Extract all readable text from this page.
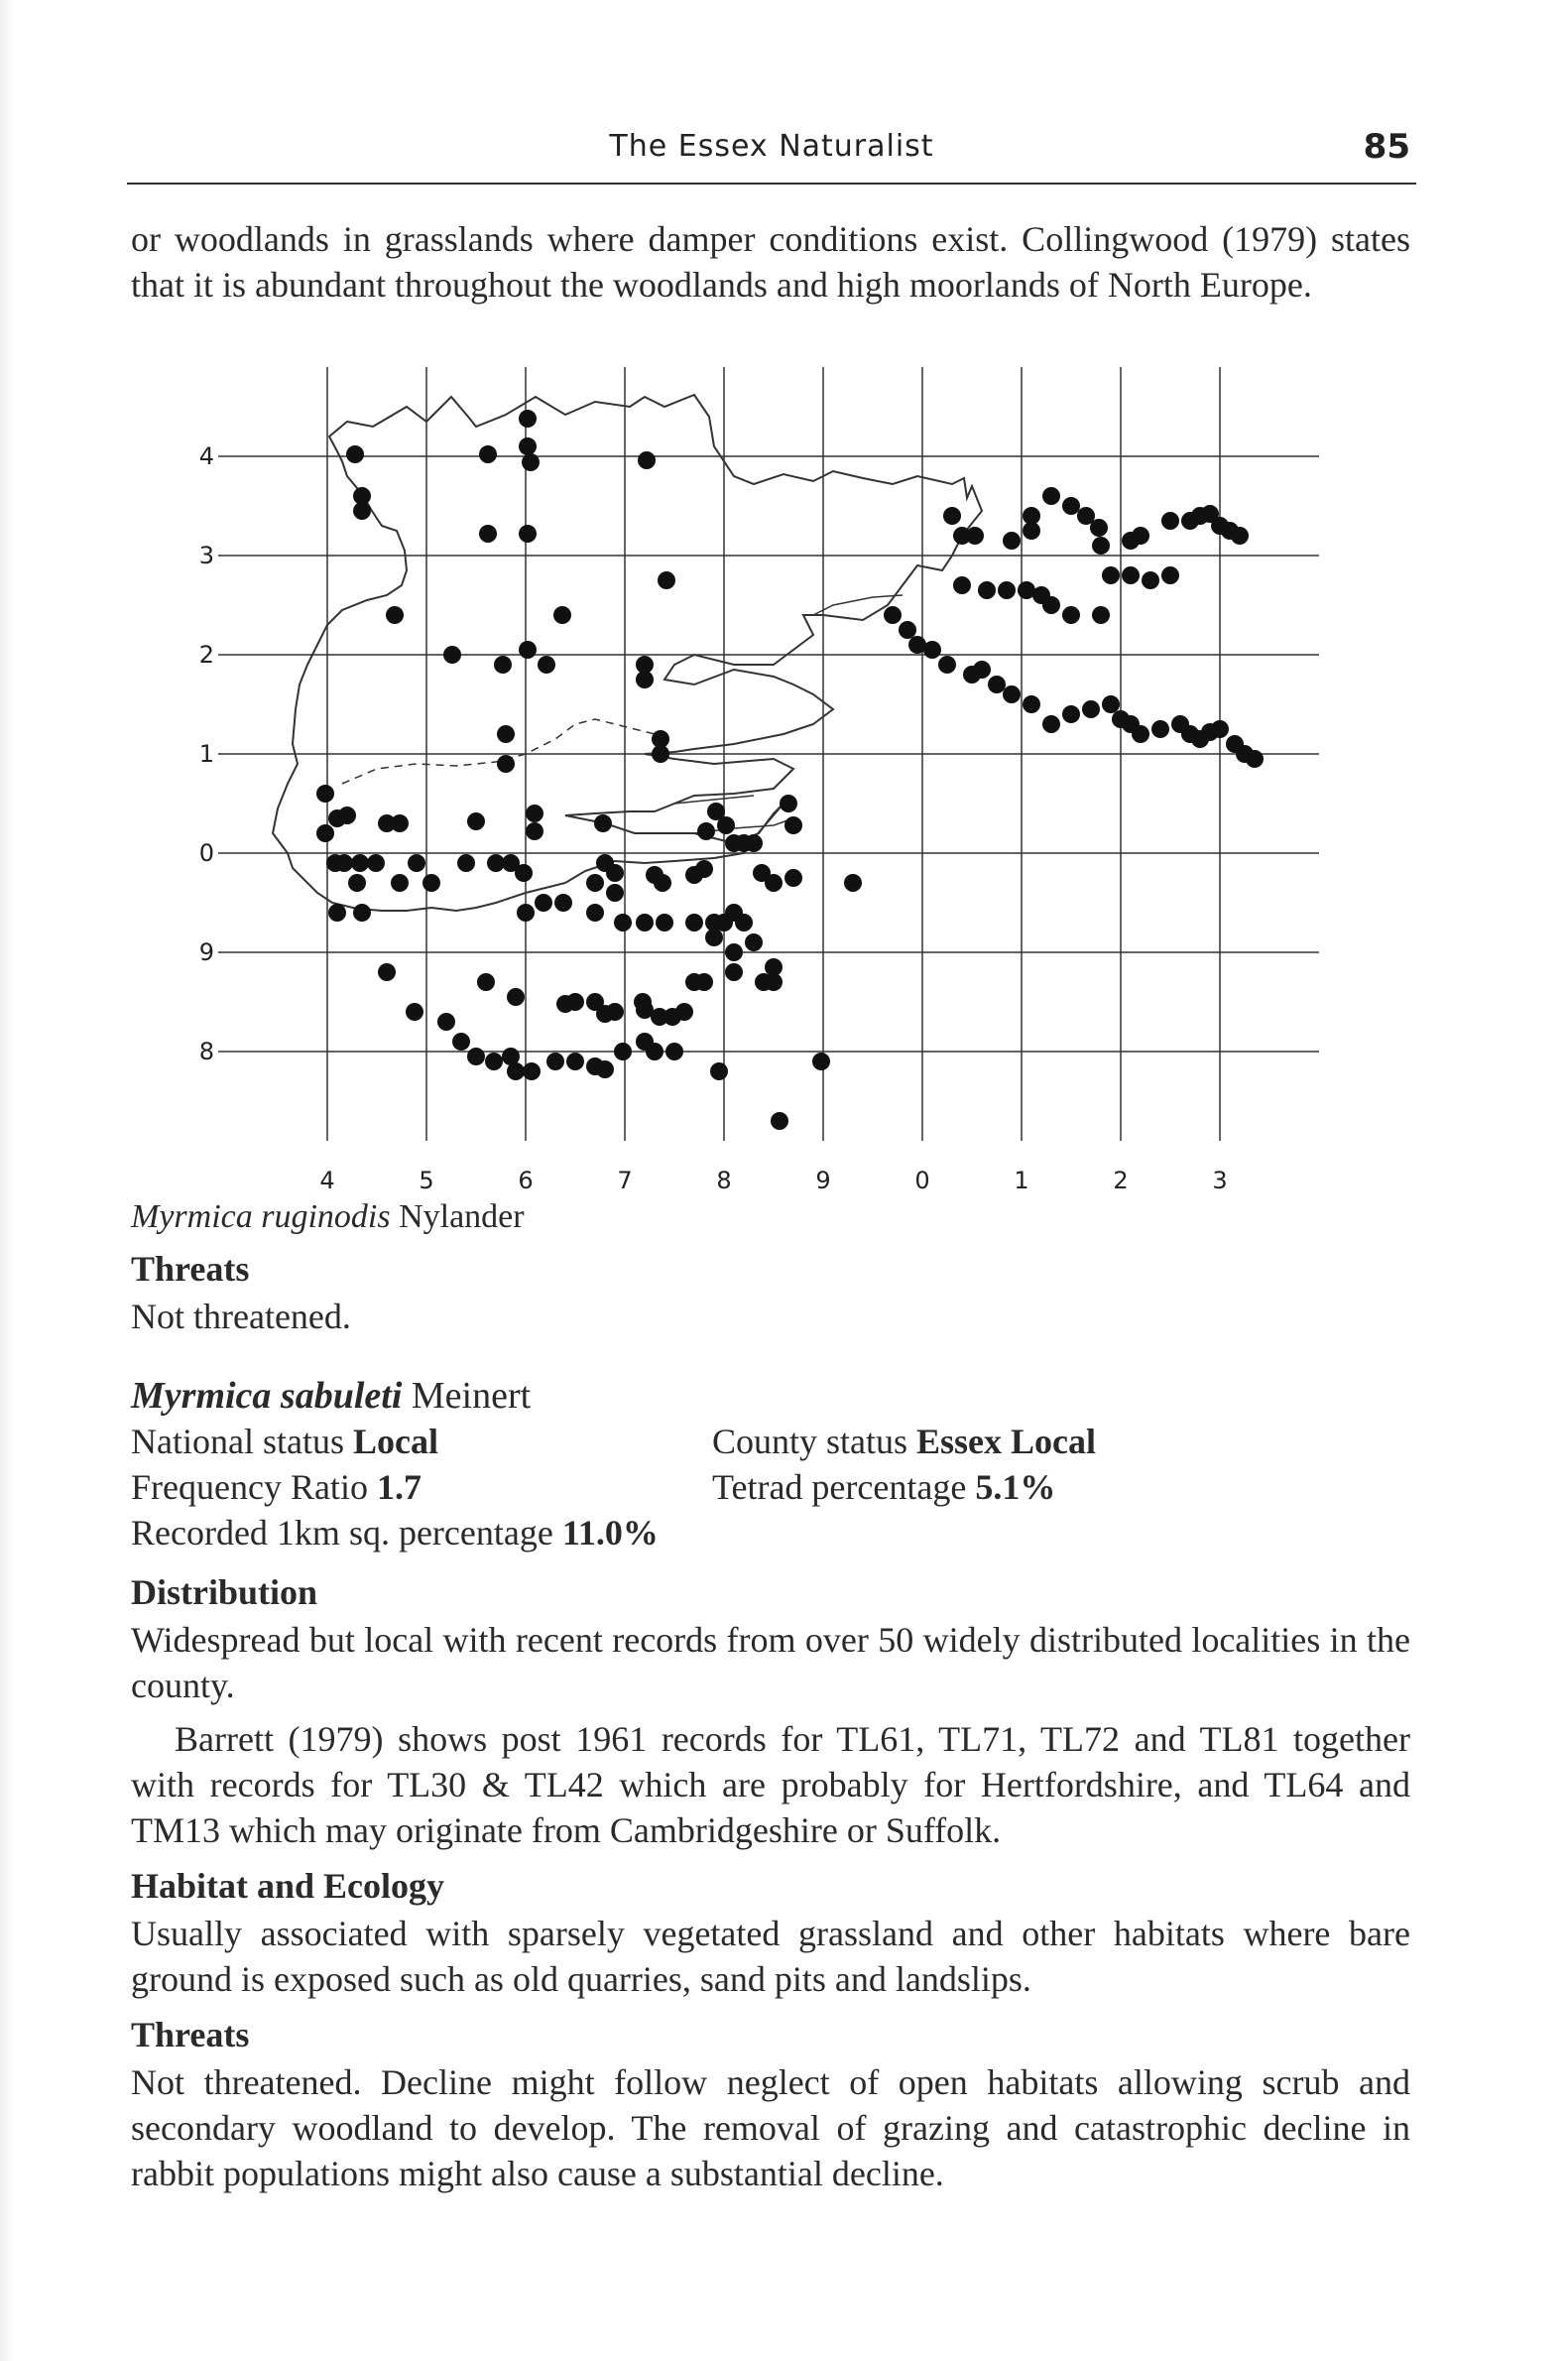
The Essex Naturalist	85

or woodlands in grasslands where damper conditions exist. Collingwood (1979) states that it is abundant throughout the woodlands and high moorlands of North Europe.

4	5	6	7	8	9	0	1	2	3
4
3
2
1
0
9
8
Myrmica ruginodis Nylander
Threats
Not threatened.
Myrmica sabuleti Meinert
National status Local	County status Essex Local
Frequency Ratio 1.7	Tetrad percentage 5.1%
Recorded 1km sq. percentage 11.0%
Distribution

Widespread but local with recent records from over 50 widely distributed localities in the county.

Barrett (1979) shows post 1961 records for TL61, TL71, TL72 and TL81 together with records for TL30 & TL42 which are probably for Hertfordshire, and TL64 and TM13 which may originate from Cambridgeshire or Suffolk.

Habitat and Ecology

Usually associated with sparsely vegetated grassland and other habitats where bare ground is exposed such as old quarries, sand pits and landslips.

Threats

Not threatened. Decline might follow neglect of open habitats allowing scrub and secondary woodland to develop. The removal of grazing and catastrophic decline in rabbit populations might also cause a substantial decline.
